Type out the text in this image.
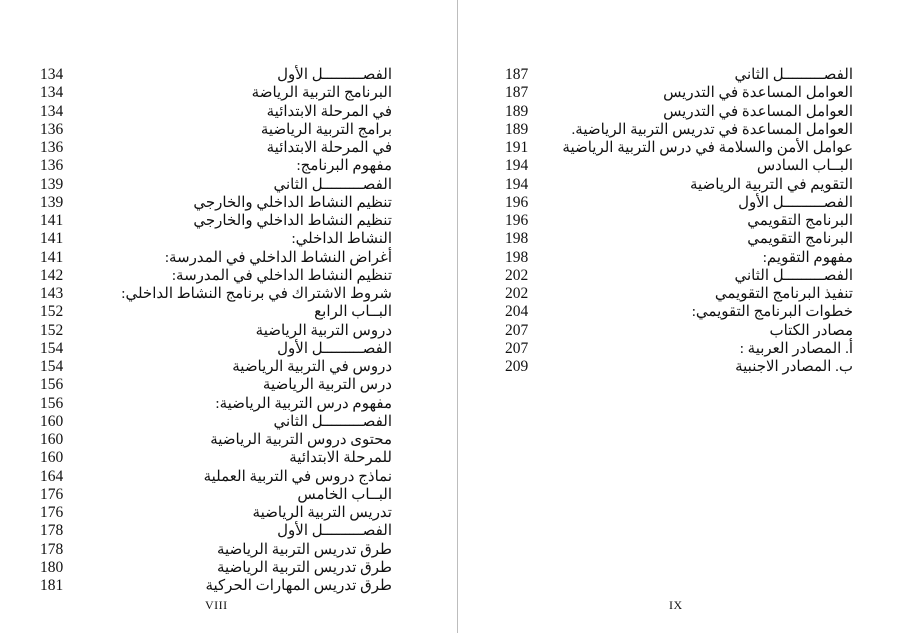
الفصـــــــــل الأول
134
البرنامج التربية الرياضة
134
في المرحلة الابتدائية
134
برامج التربية الرياضية
136
في المرحلة الابتدائية
136
مفهوم البرنامج:
136
الفصـــــــــل الثاني
139
تنظيم النشاط الداخلي والخارجي
139
تنظيم النشاط الداخلي والخارجي
141
النشاط الداخلي:
141
أغراض النشاط الداخلي في المدرسة:
141
تنظيم النشاط الداخلي في المدرسة:
142
شروط الاشتراك في برنامج النشاط الداخلي:
143
البــاب الرابع
152
دروس التربية الرياضية
152
الفصـــــــــل الأول
154
دروس في التربية الرياضية
154
درس التربية الرياضية
156
مفهوم درس التربية الرياضية:
156
الفصـــــــــل الثاني
160
محتوى دروس التربية الرياضية
160
للمرحلة الابتدائية
160
نماذج دروس في التربية العملية
164
البــاب الخامس
176
تدريس التربية الرياضية
176
الفصـــــــــل الأول
178
طرق تدريس التربية الرياضية
178
طرق تدريس التربية الرياضية
180
طرق تدريس المهارات الحركية
181
VIII
الفصـــــــــل الثاني
187
العوامل المساعدة في التدريس
187
العوامل المساعدة في التدريس
189
العوامل المساعدة في تدريس التربية الرياضية.
189
عوامل الأمن والسلامة في درس التربية الرياضية
191
البــاب السادس
194
التقويم في التربية الرياضية
194
الفصـــــــــل الأول
196
البرنامج التقويمي
196
البرنامج التقويمي
198
مفهوم التقويم:
198
الفصـــــــــل الثاني
202
تنفيذ البرنامج التقويمي
202
خطوات البرنامج التقويمي:
204
مصادر الكتاب
207
أ. المصادر العربية :
207
ب. المصادر الاجنبية
209
IX
